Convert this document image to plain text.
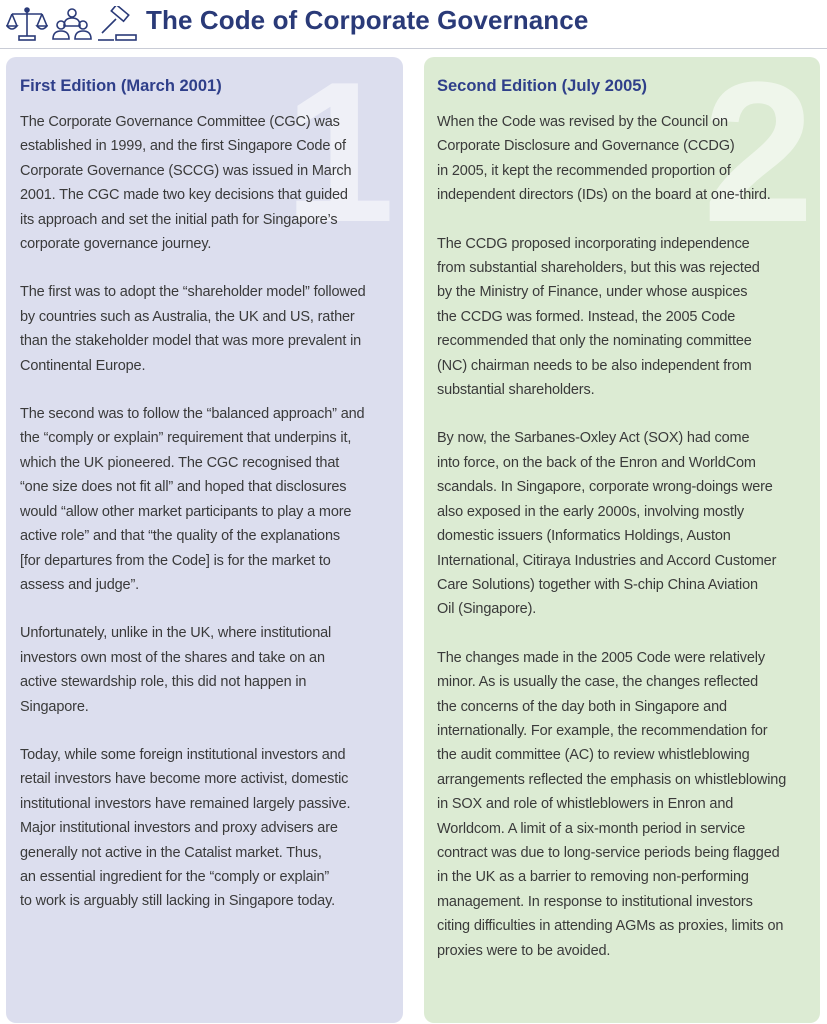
The Code of Corporate Governance
1
First Edition (March 2001)

The Corporate Governance Committee (CGC) was
established in 1999, and the first Singapore Code of
Corporate Governance (SCCG) was issued in March
2001. The CGC made two key decisions that guided
its approach and set the initial path for Singapore’s
corporate governance journey.

The first was to adopt the “shareholder model” followed
by countries such as Australia, the UK and US, rather
than the stakeholder model that was more prevalent in
Continental Europe.

The second was to follow the “balanced approach” and
the “comply or explain” requirement that underpins it,
which the UK pioneered. The CGC recognised that
“one size does not fit all” and hoped that disclosures
would “allow other market participants to play a more
active role” and that “the quality of the explanations
[for departures from the Code] is for the market to
assess and judge”.

Unfortunately, unlike in the UK, where institutional
investors own most of the shares and take on an
active stewardship role, this did not happen in
Singapore.

Today, while some foreign institutional investors and
retail investors have become more activist, domestic
institutional investors have remained largely passive.
Major institutional investors and proxy advisers are
generally not active in the Catalist market. Thus,
an essential ingredient for the “comply or explain”
to work is arguably still lacking in Singapore today.

2
Second Edition (July 2005)

When the Code was revised by the Council on
Corporate Disclosure and Governance (CCDG)
in 2005, it kept the recommended proportion of
independent directors (IDs) on the board at one-third.

The CCDG proposed incorporating independence
from substantial shareholders, but this was rejected
by the Ministry of Finance, under whose auspices
the CCDG was formed. Instead, the 2005 Code
recommended that only the nominating committee
(NC) chairman needs to be also independent from
substantial shareholders.

By now, the Sarbanes-Oxley Act (SOX) had come
into force, on the back of the Enron and WorldCom
scandals. In Singapore, corporate wrong-doings were
also exposed in the early 2000s, involving mostly
domestic issuers (Informatics Holdings, Auston
International, Citiraya Industries and Accord Customer
Care Solutions) together with S-chip China Aviation
Oil (Singapore).

The changes made in the 2005 Code were relatively
minor. As is usually the case, the changes reflected
the concerns of the day both in Singapore and
internationally. For example, the recommendation for
the audit committee (AC) to review whistleblowing
arrangements reflected the emphasis on whistleblowing
in SOX and role of whistleblowers in Enron and
Worldcom. A limit of a six-month period in service
contract was due to long-service periods being flagged
in the UK as a barrier to removing non-performing
management. In response to institutional investors
citing difficulties in attending AGMs as proxies, limits on
proxies were to be avoided.
